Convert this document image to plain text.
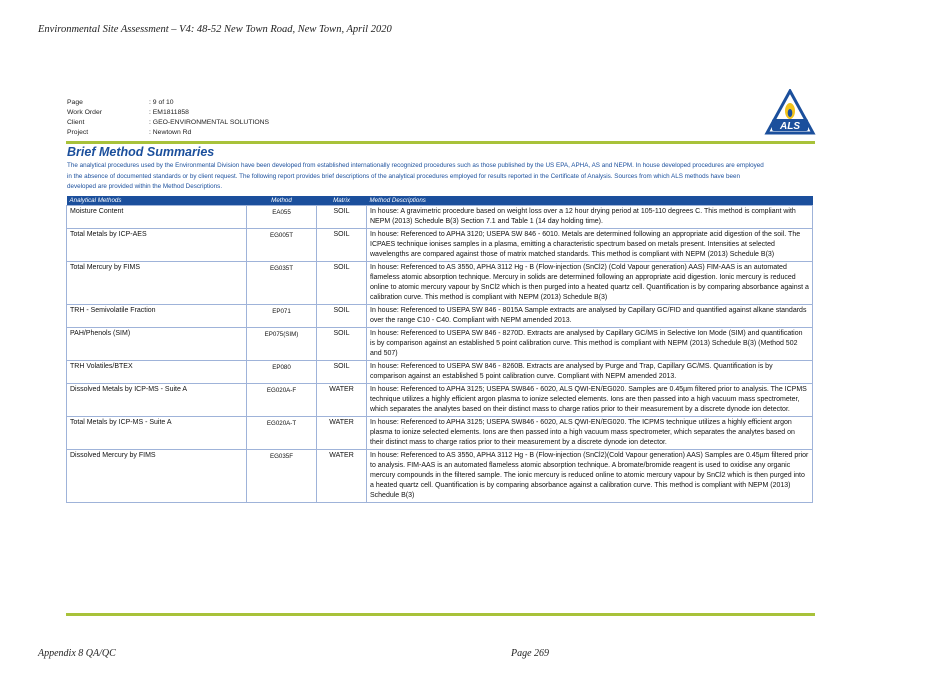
Environmental Site Assessment – V4: 48-52 New Town Road, New Town, April 2020
Page	: 9 of 10
Work Order	: EM1811858
Client	: GEO-ENVIRONMENTAL SOLUTIONS
Project	: Newtown Rd
ALS
Brief Method Summaries
The analytical procedures used by the Environmental Division have been developed from established internationally recognized procedures such as those published by the US EPA, APHA, AS and NEPM. In house developed procedures are employed in the absence of documented standards or by client request. The following report provides brief descriptions of the analytical procedures employed for results reported in the Certificate of Analysis. Sources from which ALS methods have been developed are provided within the Method Descriptions.
Analytical Methods	Method	Matrix	Method Descriptions
Moisture Content	EA055	SOIL	In house: A gravimetric procedure based on weight loss over a 12 hour drying period at 105-110 degrees C. This method is compliant with NEPM (2013) Schedule B(3) Section 7.1 and Table 1 (14 day holding time).
Total Metals by ICP-AES	EG005T	SOIL	In house: Referenced to APHA 3120; USEPA SW 846 - 6010. Metals are determined following an appropriate acid digestion of the soil. The ICPAES technique ionises samples in a plasma, emitting a characteristic spectrum based on metals present. Intensities at selected wavelengths are compared against those of matrix matched standards. This method is compliant with NEPM (2013) Schedule B(3)
Total Mercury by FIMS	EG035T	SOIL	In house: Referenced to AS 3550, APHA 3112 Hg - B (Flow-injection (SnCl2) (Cold Vapour generation) AAS) FIM-AAS is an automated flameless atomic absorption technique. Mercury in solids are determined following an appropriate acid digestion. Ionic mercury is reduced online to atomic mercury vapour by SnCl2 which is then purged into a heated quartz cell. Quantification is by comparing absorbance against a calibration curve. This method is compliant with NEPM (2013) Schedule B(3)
TRH - Semivolatile Fraction	EP071	SOIL	In house: Referenced to USEPA SW 846 - 8015A Sample extracts are analysed by Capillary GC/FID and quantified against alkane standards over the range C10 - C40. Compliant with NEPM amended 2013.
PAH/Phenols (SIM)	EP075(SIM)	SOIL	In house: Referenced to USEPA SW 846 - 8270D. Extracts are analysed by Capillary GC/MS in Selective Ion Mode (SIM) and quantification is by comparison against an established 5 point calibration curve. This method is compliant with NEPM (2013) Schedule B(3) (Method 502 and 507)
TRH Volatiles/BTEX	EP080	SOIL	In house: Referenced to USEPA SW 846 - 8260B. Extracts are analysed by Purge and Trap, Capillary GC/MS. Quantification is by comparison against an established 5 point calibration curve. Compliant with NEPM amended 2013.
Dissolved Metals by ICP-MS - Suite A	EG020A-F	WATER	In house: Referenced to APHA 3125; USEPA SW846 - 6020, ALS QWI-EN/EG020. Samples are 0.45µm filtered prior to analysis. The ICPMS technique utilizes a highly efficient argon plasma to ionize selected elements. Ions are then passed into a high vacuum mass spectrometer, which separates the analytes based on their distinct mass to charge ratios prior to their measurement by a discrete dynode ion detector.
Total Metals by ICP-MS - Suite A	EG020A-T	WATER	In house: Referenced to APHA 3125; USEPA SW846 - 6020, ALS QWI-EN/EG020. The ICPMS technique utilizes a highly efficient argon plasma to ionize selected elements. Ions are then passed into a high vacuum mass spectrometer, which separates the analytes based on their distinct mass to charge ratios prior to their measurement by a discrete dynode ion detector.
Dissolved Mercury by FIMS	EG035F	WATER	In house: Referenced to AS 3550, APHA 3112 Hg - B (Flow-injection (SnCl2)(Cold Vapour generation) AAS) Samples are 0.45µm filtered prior to analysis. FIM-AAS is an automated flameless atomic absorption technique. A bromate/bromide reagent is used to oxidise any organic mercury compounds in the filtered sample. The ionic mercury is reduced online to atomic mercury vapour by SnCl2 which is then purged into a heated quartz cell. Quantification is by comparing absorbance against a calibration curve. This method is compliant with NEPM (2013) Schedule B(3)
Appendix 8 QA/QC	Page 269
